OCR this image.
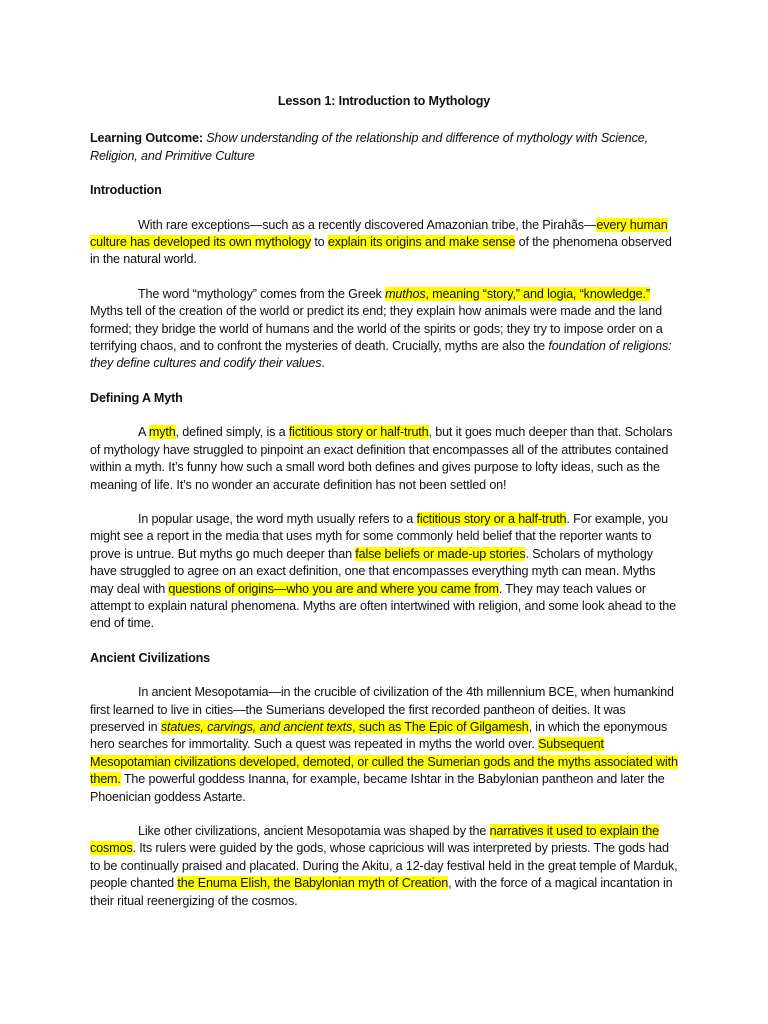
Lesson 1: Introduction to Mythology
Learning Outcome: Show understanding of the relationship and difference of mythology with Science, Religion, and Primitive Culture
Introduction

With rare exceptions—such as a recently discovered Amazonian tribe, the Pirahãs—every human culture has developed its own mythology to explain its origins and make sense of the phenomena observed in the natural world.

The word “mythology” comes from the Greek muthos, meaning “story,” and logia, “knowledge.” Myths tell of the creation of the world or predict its end; they explain how animals were made and the land formed; they bridge the world of humans and the world of the spirits or gods; they try to impose order on a terrifying chaos, and to confront the mysteries of death. Crucially, myths are also the foundation of religions: they define cultures and codify their values.

Defining A Myth

A myth, defined simply, is a fictitious story or half-truth, but it goes much deeper than that. Scholars of mythology have struggled to pinpoint an exact definition that encompasses all of the attributes contained within a myth. It’s funny how such a small word both defines and gives purpose to lofty ideas, such as the meaning of life. It’s no wonder an accurate definition has not been settled on!

In popular usage, the word myth usually refers to a fictitious story or a half-truth. For example, you might see a report in the media that uses myth for some commonly held belief that the reporter wants to prove is untrue. But myths go much deeper than false beliefs or made-up stories. Scholars of mythology have struggled to agree on an exact definition, one that encompasses everything myth can mean. Myths may deal with questions of origins—who you are and where you came from. They may teach values or attempt to explain natural phenomena. Myths are often intertwined with religion, and some look ahead to the end of time.

Ancient Civilizations

In ancient Mesopotamia—in the crucible of civilization of the 4th millennium BCE, when humankind first learned to live in cities—the Sumerians developed the first recorded pantheon of deities. It was preserved in statues, carvings, and ancient texts, such as The Epic of Gilgamesh, in which the eponymous hero searches for immortality. Such a quest was repeated in myths the world over. Subsequent Mesopotamian civilizations developed, demoted, or culled the Sumerian gods and the myths associated with them. The powerful goddess Inanna, for example, became Ishtar in the Babylonian pantheon and later the Phoenician goddess Astarte.

Like other civilizations, ancient Mesopotamia was shaped by the narratives it used to explain the cosmos. Its rulers were guided by the gods, whose capricious will was interpreted by priests. The gods had to be continually praised and placated. During the Akitu, a 12-day festival held in the great temple of Marduk, people chanted the Enuma Elish, the Babylonian myth of Creation, with the force of a magical incantation in their ritual reenergizing of the cosmos.
